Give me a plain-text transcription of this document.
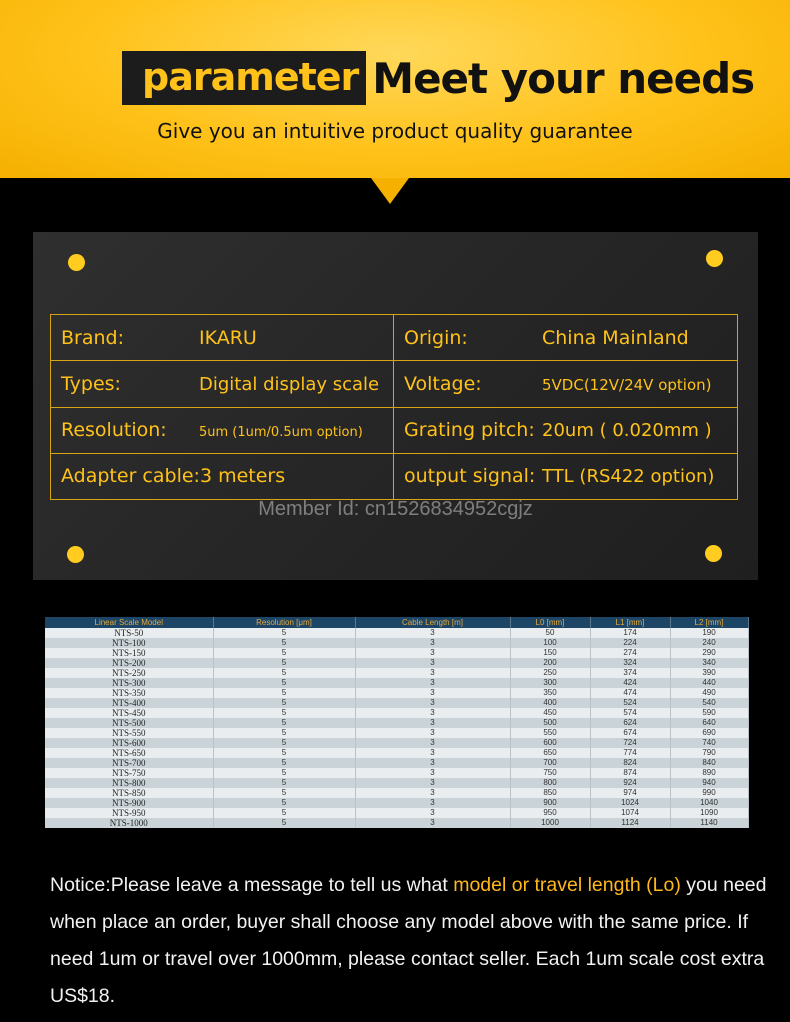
parameter Meet your needs
Give you an intuitive product quality guarantee
Brand: IKARU	Origin: China Mainland
Types: Digital display scale	Voltage: 5VDC(12V/24V option)
Resolution: 5um (1um/0.5um option)	Grating pitch: 20um ( 0.020mm )
Adapter cable:3 meters	output signal: TTL (RS422 option)
Member Id: cn1526834952cgjz
Linear Scale Model	Resolution [μm]	Cable Length [m]	L0 [mm]	L1 [mm]	L2 [mm]
NTS-50	5	3	50	174	190
NTS-100	5	3	100	224	240
NTS-150	5	3	150	274	290
NTS-200	5	3	200	324	340
NTS-250	5	3	250	374	390
NTS-300	5	3	300	424	440
NTS-350	5	3	350	474	490
NTS-400	5	3	400	524	540
NTS-450	5	3	450	574	590
NTS-500	5	3	500	624	640
NTS-550	5	3	550	674	690
NTS-600	5	3	600	724	740
NTS-650	5	3	650	774	790
NTS-700	5	3	700	824	840
NTS-750	5	3	750	874	890
NTS-800	5	3	800	924	940
NTS-850	5	3	850	974	990
NTS-900	5	3	900	1024	1040
NTS-950	5	3	950	1074	1090
NTS-1000	5	3	1000	1124	1140
Notice:Please leave a message to tell us what model or travel length (Lo) you need when place an order, buyer shall choose any model above with the same price. If need 1um or travel over 1000mm, please contact seller. Each 1um scale cost extra US$18.
